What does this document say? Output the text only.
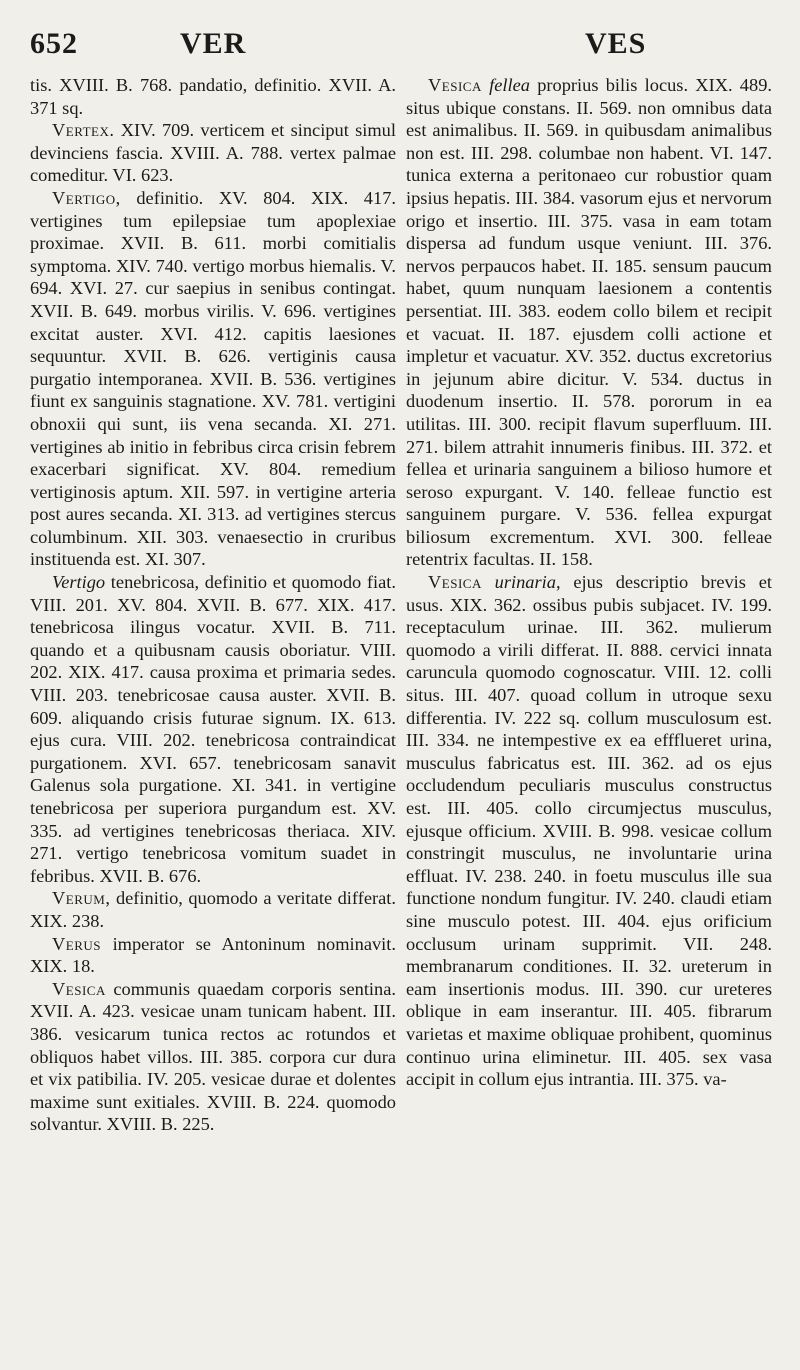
652	VER	VES

tis. XVIII. B. 768. pandatio, definitio. XVII. A. 371 sq.

Vertex. XIV. 709. verticem et sinciput simul devinciens fascia. XVIII. A. 788. vertex palmae comeditur. VI. 623.

Vertigo, definitio. XV. 804. XIX. 417. vertigines tum epilepsiae tum apoplexiae proximae. XVII. B. 611. morbi comitialis symptoma. XIV. 740. vertigo morbus hiemalis. V. 694. XVI. 27. cur saepius in senibus contingat. XVII. B. 649. morbus virilis. V. 696. vertigines excitat auster. XVI. 412. capitis laesiones sequuntur. XVII. B. 626. vertiginis causa purgatio intemporanea. XVII. B. 536. vertigines fiunt ex sanguinis stagnatione. XV. 781. vertigini obnoxii qui sunt, iis vena secanda. XI. 271. vertigines ab initio in febribus circa crisin febrem exacerbari significat. XV. 804. remedium vertiginosis aptum. XII. 597. in vertigine arteria post aures secanda. XI. 313. ad vertigines stercus columbinum. XII. 303. venaesectio in cruribus instituenda est. XI. 307.

Vertigo tenebricosa, definitio et quomodo fiat. VIII. 201. XV. 804. XVII. B. 677. XIX. 417. tenebricosa ilingus vocatur. XVII. B. 711. quando et a quibusnam causis oboriatur. VIII. 202. XIX. 417. causa proxima et primaria sedes. VIII. 203. tenebricosae causa auster. XVII. B. 609. aliquando crisis futurae signum. IX. 613. ejus cura. VIII. 202. tenebricosa contraindicat purgationem. XVI. 657. tenebricosam sanavit Galenus sola purgatione. XI. 341. in vertigine tenebricosa per superiora purgandum est. XV. 335. ad vertigines tenebricosas theriaca. XIV. 271. vertigo tenebricosa vomitum suadet in febribus. XVII. B. 676.

Verum, definitio, quomodo a veritate differat. XIX. 238.

Verus imperator se Antoninum nominavit. XIX. 18.

Vesica communis quaedam corporis sentina. XVII. A. 423. vesicae unam tunicam habent. III. 386. vesicarum tunica rectos ac rotundos et obliquos habet villos. III. 385. corpora cur dura et vix patibilia. IV. 205. vesicae durae et dolentes maxime sunt exitiales. XVIII. B. 224. quomodo solvantur. XVIII. B. 225.

Vesica fellea proprius bilis locus. XIX. 489. situs ubique constans. II. 569. non omnibus data est animalibus. II. 569. in quibusdam animalibus non est. III. 298. columbae non habent. VI. 147. tunica externa a peritonaeo cur robustior quam ipsius hepatis. III. 384. vasorum ejus et nervorum origo et insertio. III. 375. vasa in eam totam dispersa ad fundum usque veniunt. III. 376. nervos perpaucos habet. II. 185. sensum paucum habet, quum nunquam laesionem a contentis persentiat. III. 383. eodem collo bilem et recipit et vacuat. II. 187. ejusdem colli actione et impletur et vacuatur. XV. 352. ductus excretorius in jejunum abire dicitur. V. 534. ductus in duodenum insertio. II. 578. pororum in ea utilitas. III. 300. recipit flavum superfluum. III. 271. bilem attrahit innumeris finibus. III. 372. et fellea et urinaria sanguinem a bilioso humore et seroso expurgant. V. 140. felleae functio est sanguinem purgare. V. 536. fellea expurgat biliosum excrementum. XVI. 300. felleae retentrix facultas. II. 158.

Vesica urinaria, ejus descriptio brevis et usus. XIX. 362. ossibus pubis subjacet. IV. 199. receptaculum urinae. III. 362. mulierum quomodo a virili differat. II. 888. cervici innata caruncula quomodo cognoscatur. VIII. 12. colli situs. III. 407. quoad collum in utroque sexu differentia. IV. 222 sq. collum musculosum est. III. 334. ne intempestive ex ea effflueret urina, musculus fabricatus est. III. 362. ad os ejus occludendum peculiaris musculus constructus est. III. 405. collo circumjectus musculus, ejusque officium. XVIII. B. 998. vesicae collum constringit musculus, ne involuntarie urina effluat. IV. 238. 240. in foetu musculus ille sua functione nondum fungitur. IV. 240. claudi etiam sine musculo potest. III. 404. ejus orificium occlusum urinam supprimit. VII. 248. membranarum conditiones. II. 32. ureterum in eam insertionis modus. III. 390. cur ureteres oblique in eam inserantur. III. 405. fibrarum varietas et maxime obliquae prohibent, quominus continuo urina eliminetur. III. 405. sex vasa accipit in collum ejus intrantia. III. 375. va-
